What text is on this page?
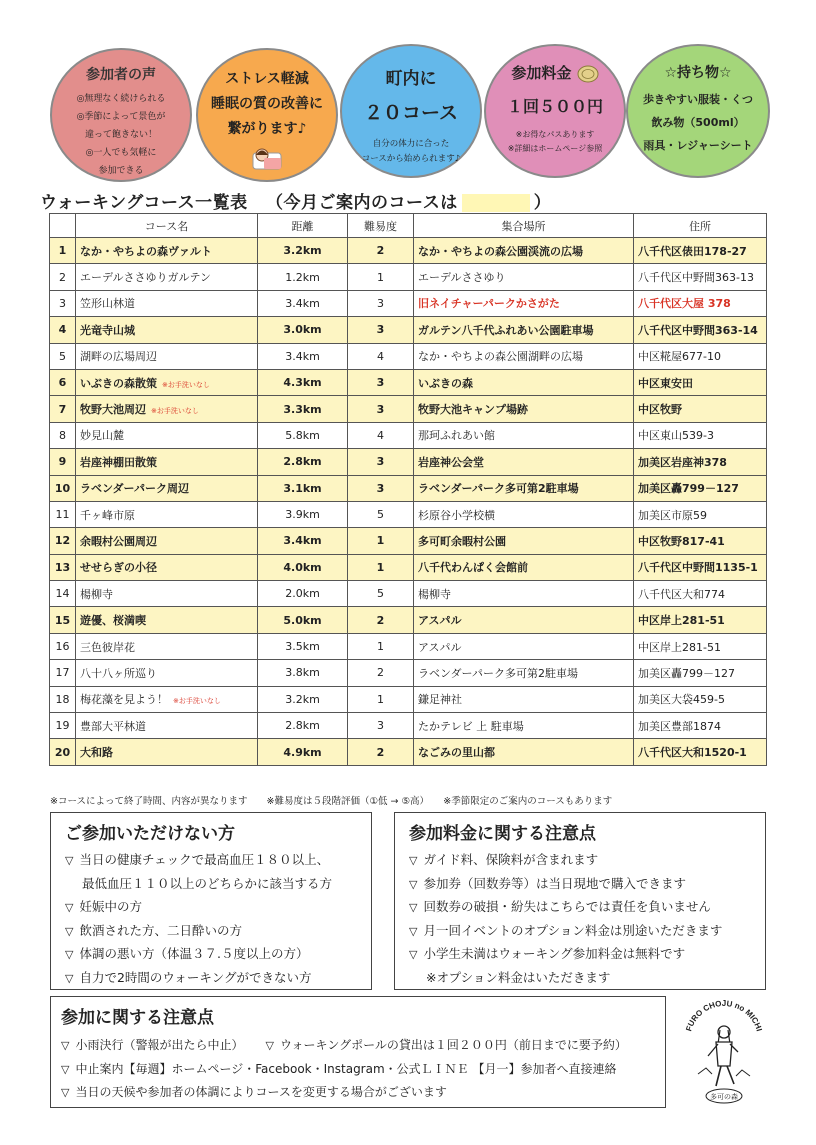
参加者の声
◎無理なく続けられる
◎季節によって景色が
違って飽きない！
◎一人でも気軽に
参加できる
ストレス軽減
睡眠の質の改善に
繋がります♪
町内に
２０コース
自分の体力に合った
コースから始められます♪
参加料金
１回５００円
※お得なパスあります
※詳細はホームページ参照
☆持ち物☆
歩きやすい服装・くつ
飲み物（500ml）
雨具・レジャーシート
ウォーキングコース一覧表 （今月ご案内のコースは	）
	コース名	距離	難易度	集合場所	住所
1	なか・やちよの森ヴァルト	3.2km	2	なか・やちよの森公園渓流の広場	八千代区俵田178-27
2	エーデルささゆりガルテン	1.2km	1	エーデルささゆり	八千代区中野間363-13
3	笠形山林道	3.4km	3	旧ネイチャーパークかさがた	八千代区大屋 378
4	光竜寺山城	3.0km	3	ガルテン八千代ふれあい公園駐車場	八千代区中野間363-14
5	湖畔の広場周辺	3.4km	4	なか・やちよの森公園湖畔の広場	中区糀屋677-10
6	いぶきの森散策 ※お手洗いなし	4.3km	3	いぶきの森	中区東安田
7	牧野大池周辺 ※お手洗いなし	3.3km	3	牧野大池キャンプ場跡	中区牧野
8	妙見山麓	5.8km	4	那珂ふれあい館	中区東山539-3
9	岩座神棚田散策	2.8km	3	岩座神公会堂	加美区岩座神378
10	ラベンダーパーク周辺	3.1km	3	ラベンダーパーク多可第2駐車場	加美区轟799－127
11	千ヶ峰市原	3.9km	5	杉原谷小学校横	加美区市原59
12	余暇村公園周辺	3.4km	1	多可町余暇村公園	中区牧野817-41
13	せせらぎの小径	4.0km	1	八千代わんぱく会館前	八千代区中野間1135-1
14	楊柳寺	2.0km	5	楊柳寺	八千代区大和774
15	遊優、桜満喫	5.0km	2	アスパル	中区岸上281-51
16	三色彼岸花	3.5km	1	アスパル	中区岸上281-51
17	八十八ヶ所巡り	3.8km	2	ラベンダーパーク多可第2駐車場	加美区轟799－127
18	梅花藻を見よう！ ※お手洗いなし	3.2km	1	鎌足神社	加美区大袋459-5
19	豊部大平林道	2.8km	3	たかテレビ 上 駐車場	加美区豊部1874
20	大和路	4.9km	2	なごみの里山都	八千代区大和1520-1
※コースによって終了時間、内容が異なります　　※難易度は５段階評価（①低 → ⑤高）　　※季節限定のご案内のコースもあります
ご参加いただけない方
▽ 当日の健康チェックで最高血圧１８０以上、
最低血圧１１０以上のどちらかに該当する方
▽ 妊娠中の方
▽ 飲酒された方、二日酔いの方
▽ 体調の悪い方（体温３７.５度以上の方）
▽ 自力で2時間のウォーキングができない方
参加料金に関する注意点
▽ ガイド料、保険料が含まれます
▽ 参加券（回数券等）は当日現地で購入できます
▽ 回数券の破損・紛失はこちらでは責任を負いません
▽ 月一回イベントのオプション料金は別途いただきます
▽ 小学生未満はウォーキング参加料金は無料です
※オプション料金はいただきます
参加に関する注意点
▽ 小雨決行（警報が出たら中止） ▽ ウォーキングポールの貸出は１回２００円（前日までに要予約）
▽ 中止案内【毎週】ホームページ・Facebook・Instagram・公式ＬＩＮＥ 【月一】参加者へ直接連絡
▽ 当日の天候や参加者の体調によりコースを変更する場合がございます
FURO CHOJU no MICHI
多可の森
